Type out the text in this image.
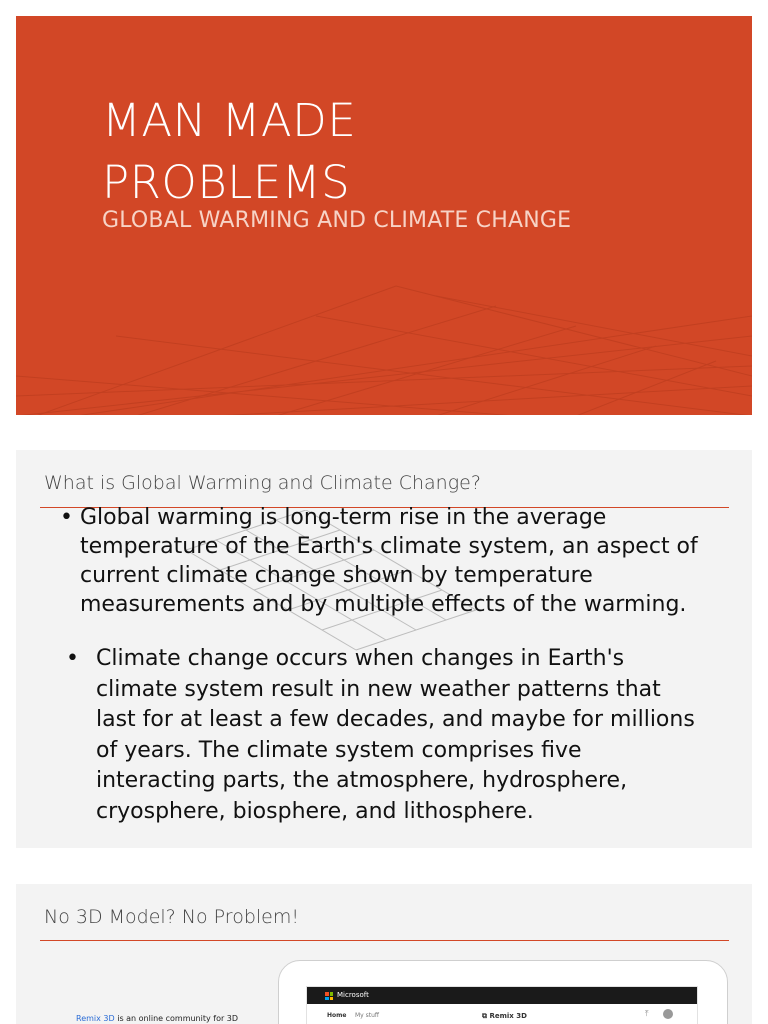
MAN MADE
PROBLEMS
GLOBAL WARMING AND CLIMATE CHANGE
What is Global Warming and Climate Change?
• Global warming is long-term rise in the average temperature of the Earth's climate system, an aspect of current climate change shown by temperature measurements and by multiple effects of the warming.
• Climate change occurs when changes in Earth's climate system result in new weather patterns that last for at least a few decades, and maybe for millions of years. The climate system comprises five interacting parts, the atmosphere, hydrosphere, cryosphere, biosphere, and lithosphere.
No 3D Model? No Problem!
Remix 3D is an online community for 3D
Microsoft
Home My stuff	⧉ Remix 3D	⤒
